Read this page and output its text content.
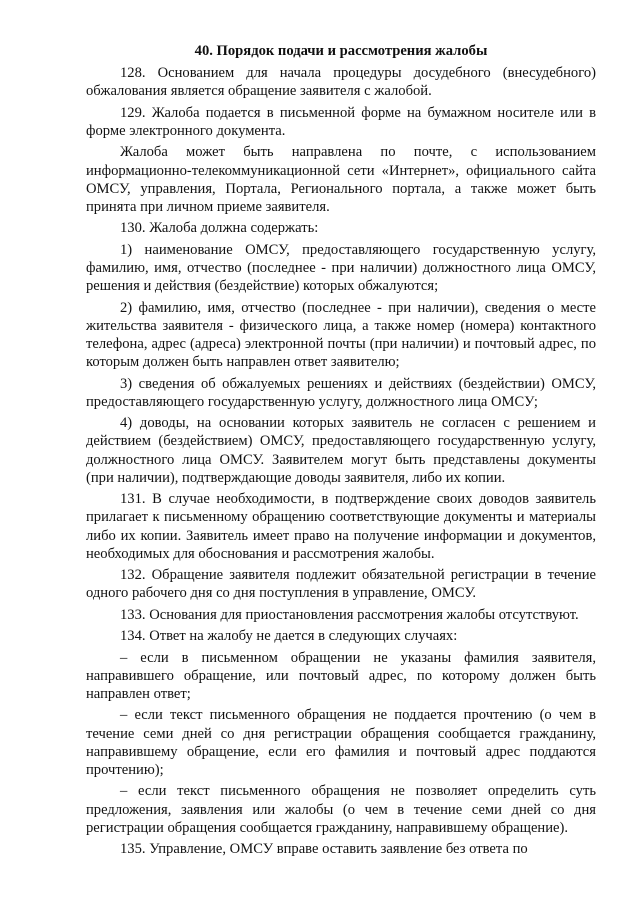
40. Порядок подачи и рассмотрения жалобы

128. Основанием для начала процедуры досудебного (внесудебного) обжалования является обращение заявителя с жалобой.

129. Жалоба подается в письменной форме на бумажном носителе или в форме электронного документа.

Жалоба может быть направлена по почте, с использованием информационно-телекоммуникационной сети «Интернет», официального сайта ОМСУ, управления, Портала, Регионального портала, а также может быть принята при личном приеме заявителя.

130. Жалоба должна содержать:

1) наименование ОМСУ, предоставляющего государственную услугу, фамилию, имя, отчество (последнее - при наличии) должностного лица ОМСУ, решения и действия (бездействие) которых обжалуются;

2) фамилию, имя, отчество (последнее - при наличии), сведения о месте жительства заявителя - физического лица, а также номер (номера) контактного телефона, адрес (адреса) электронной почты (при наличии) и почтовый адрес, по которым должен быть направлен ответ заявителю;

3) сведения об обжалуемых решениях и действиях (бездействии) ОМСУ, предоставляющего государственную услугу, должностного лица ОМСУ;

4) доводы, на основании которых заявитель не согласен с решением и действием (бездействием) ОМСУ, предоставляющего государственную услугу, должностного лица ОМСУ. Заявителем могут быть представлены документы (при наличии), подтверждающие доводы заявителя, либо их копии.

131. В случае необходимости, в подтверждение своих доводов заявитель прилагает к письменному обращению соответствующие документы и материалы либо их копии. Заявитель имеет право на получение информации и документов, необходимых для обоснования и рассмотрения жалобы.

132. Обращение заявителя подлежит обязательной регистрации в течение одного рабочего дня со дня поступления в управление, ОМСУ.

133. Основания для приостановления рассмотрения жалобы отсутствуют.

134. Ответ на жалобу не дается в следующих случаях:

– если в письменном обращении не указаны фамилия заявителя, направившего обращение, или почтовый адрес, по которому должен быть направлен ответ;

– если текст письменного обращения не поддается прочтению (о чем в течение семи дней со дня регистрации обращения сообщается гражданину, направившему обращение, если его фамилия и почтовый адрес поддаются прочтению);

– если текст письменного обращения не позволяет определить суть предложения, заявления или жалобы (о чем в течение семи дней со дня регистрации обращения сообщается гражданину, направившему обращение).

135. Управление, ОМСУ вправе оставить заявление без ответа по
